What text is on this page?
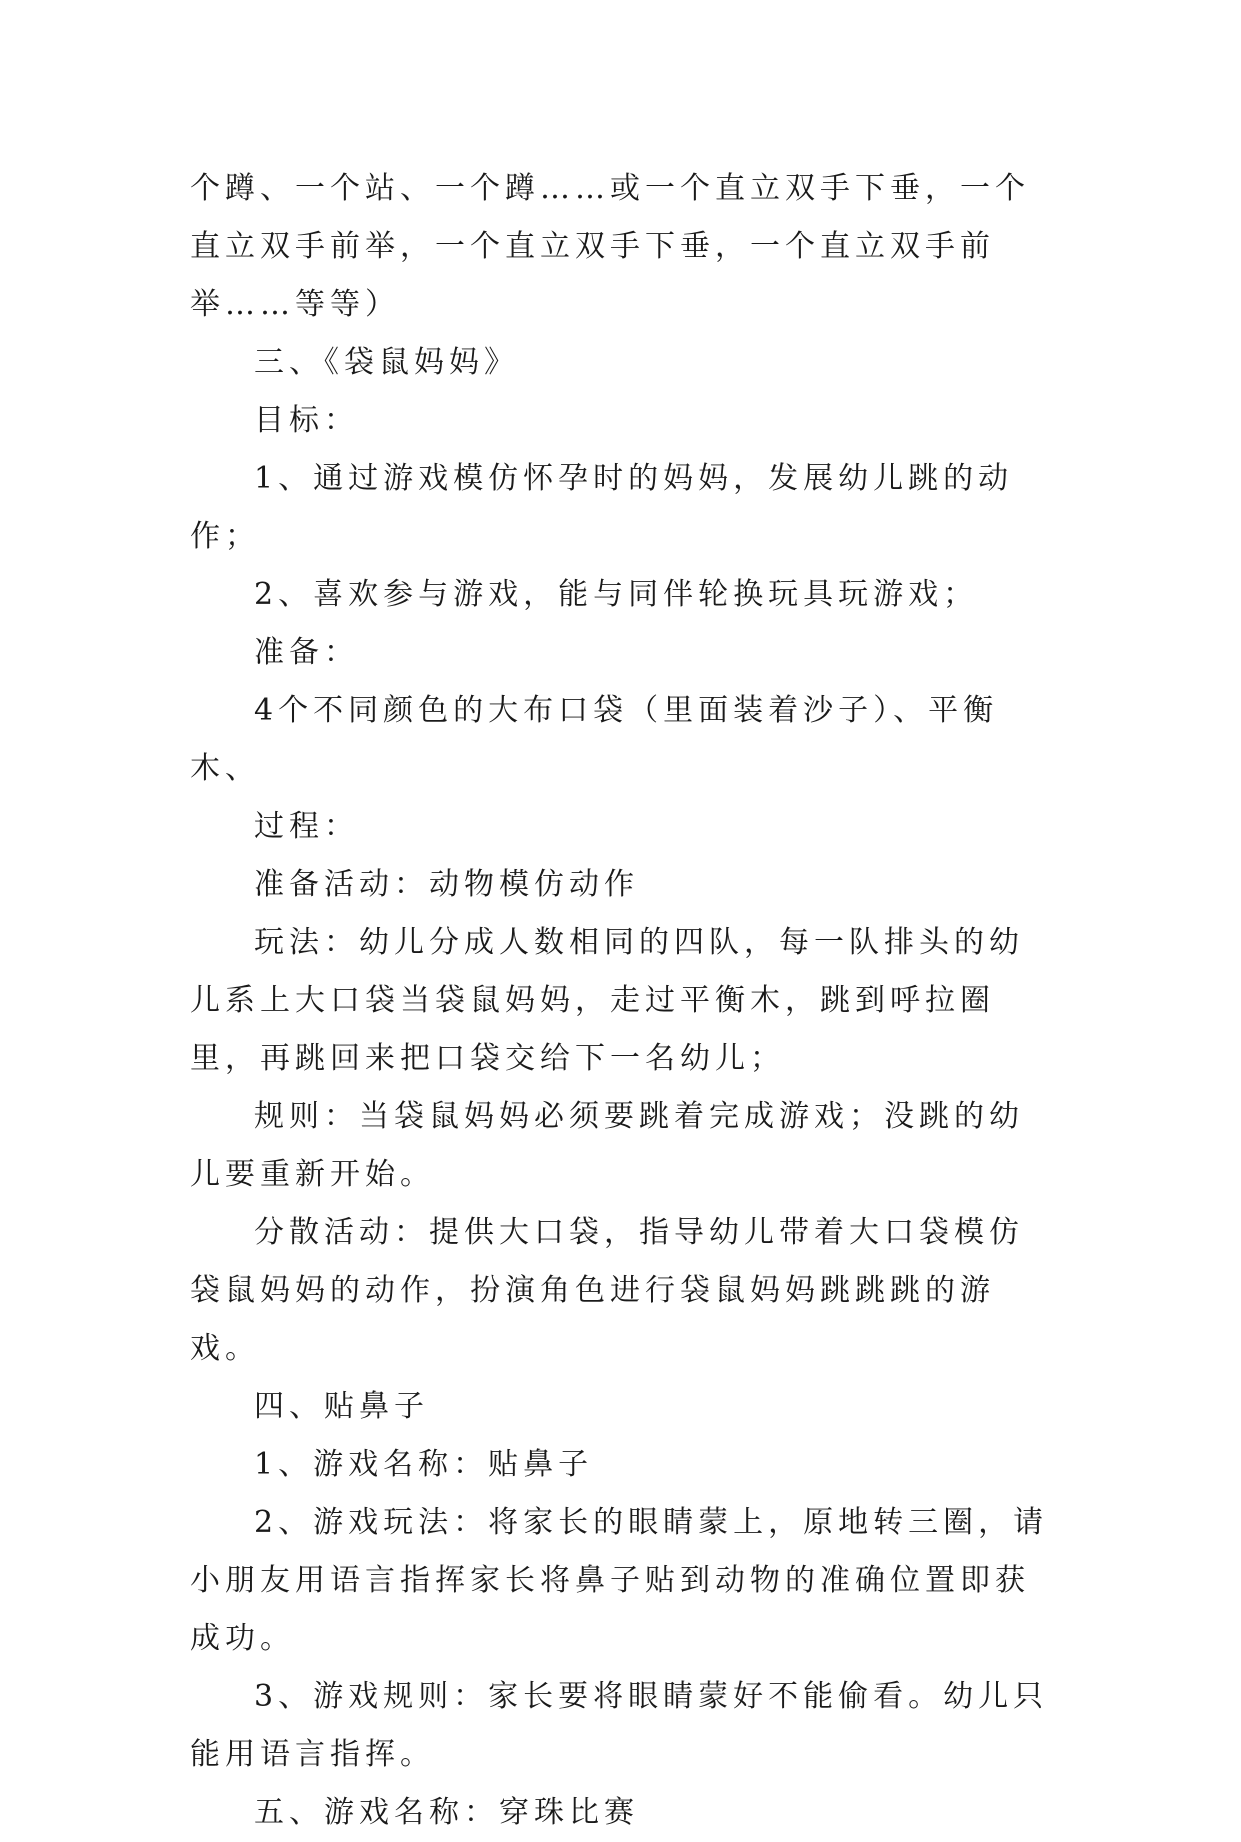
个蹲、一个站、一个蹲……或一个直立双手下垂，一个直立双手前举，一个直立双手下垂，一个直立双手前举……等等）

三、《袋鼠妈妈》

目标：

1、通过游戏模仿怀孕时的妈妈，发展幼儿跳的动作；

2、喜欢参与游戏，能与同伴轮换玩具玩游戏；

准备：

4个不同颜色的大布口袋（里面装着沙子）、平衡木、

过程：

准备活动：动物模仿动作

玩法：幼儿分成人数相同的四队，每一队排头的幼儿系上大口袋当袋鼠妈妈，走过平衡木，跳到呼拉圈里，再跳回来把口袋交给下一名幼儿；

规则：当袋鼠妈妈必须要跳着完成游戏；没跳的幼儿要重新开始。

分散活动：提供大口袋，指导幼儿带着大口袋模仿袋鼠妈妈的动作，扮演角色进行袋鼠妈妈跳跳跳的游戏。

四、贴鼻子

1、游戏名称：贴鼻子

2、游戏玩法：将家长的眼睛蒙上，原地转三圈，请小朋友用语言指挥家长将鼻子贴到动物的准确位置即获成功。

3、游戏规则：家长要将眼睛蒙好不能偷看。幼儿只能用语言指挥。

五、游戏名称：穿珠比赛
